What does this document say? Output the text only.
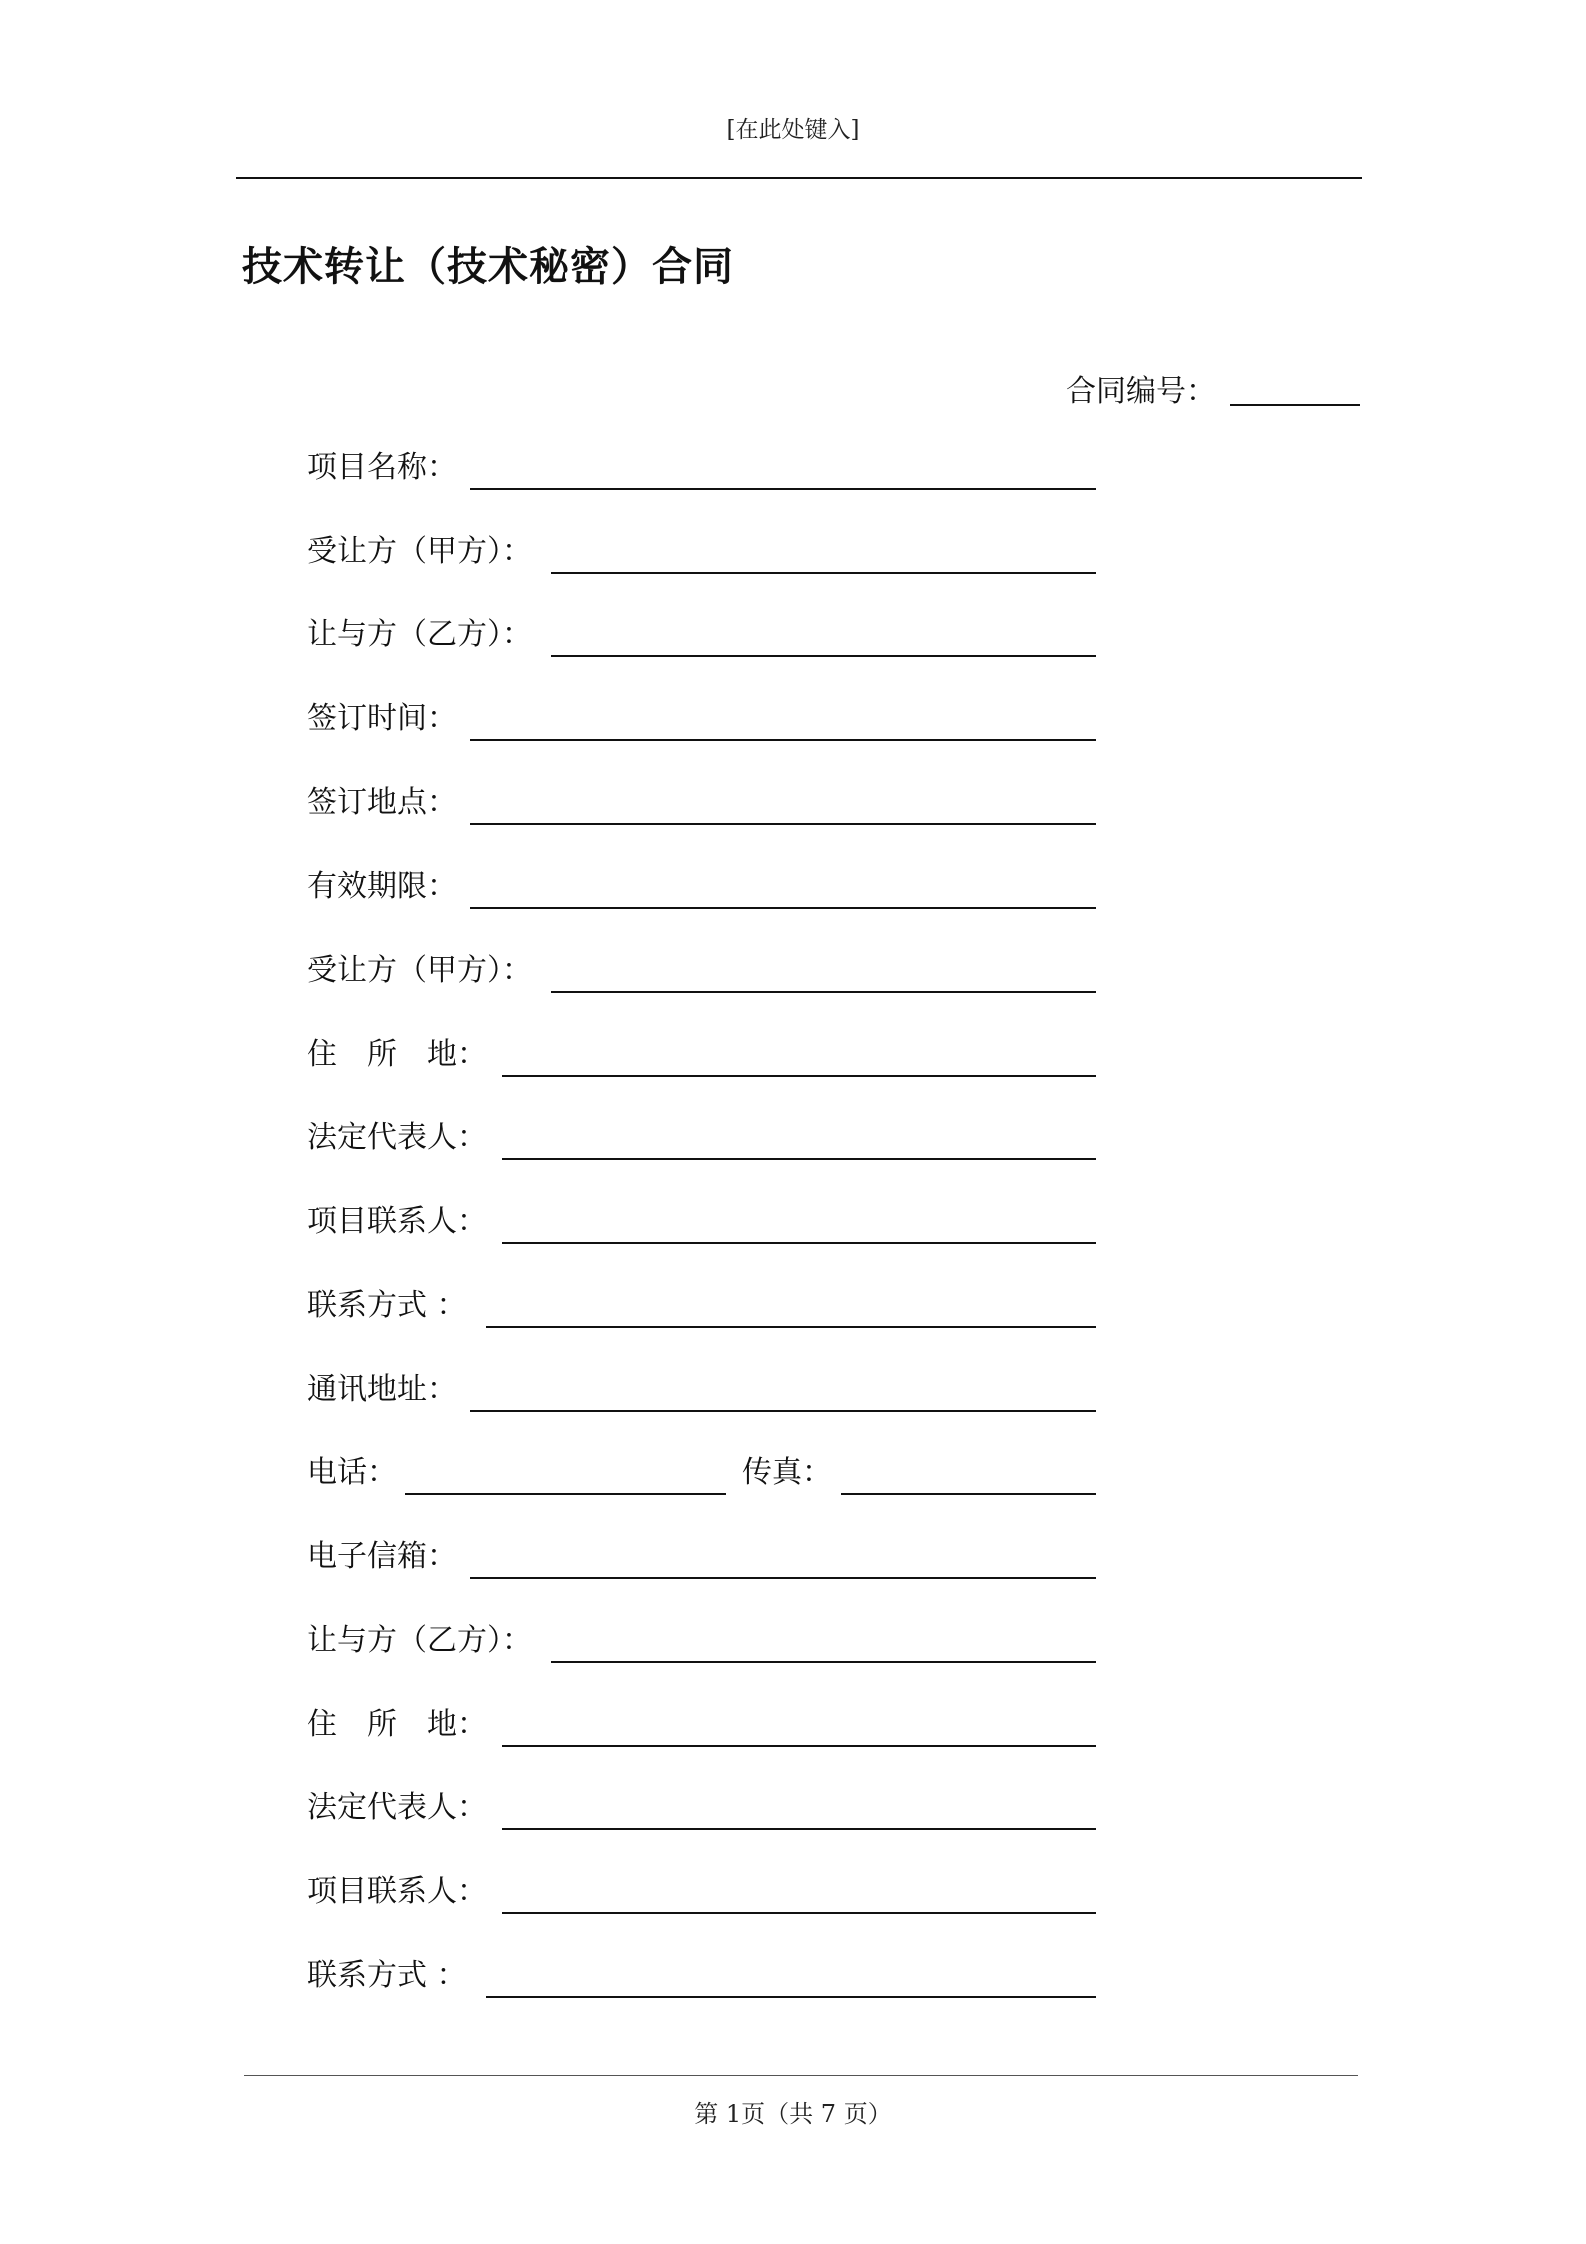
[在此处键入]
技术转让（技术秘密）合同
合同编号：
项目名称：
受让方（甲方）：
让与方（乙方）：
签订时间：
签订地点：
有效期限：
受让方（甲方）：
住　所　地：
法定代表人：
项目联系人：
联系方式 ：
通讯地址：
电话：	传真：
电子信箱：
让与方（乙方）：
住　所　地：
法定代表人：
项目联系人：
联系方式 ：
第 1页（共 7 页）
